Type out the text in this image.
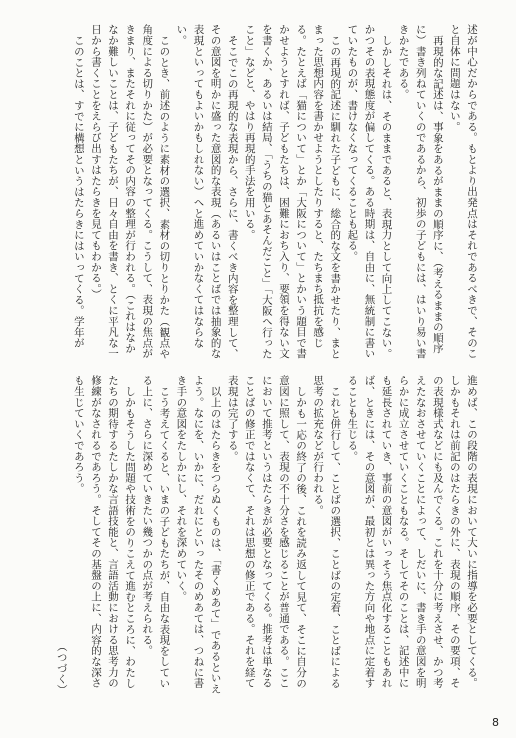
述が中心だからである。もとより出発点はそれであるべきで、そのこと自体に問題はない。

再現的な記述は、事象をあるがままの順序に、（考えるままの順序に）書き列ねていくのであるから、初歩の子どもには、はいり易い書きかたである。

しかしそれは、そのままであると、表現力として向上してこない。かつその表現態度が偏してくる。ある時期は、自由に、無統制に書いていたものが、書けなくなってくることも起る。

この再現的記述に馴れた子どもに、総合的な文を書かせたり、まとまった思想内容を書かせようとしたりすると、たちまち抵抗を感じる。たとえば「猫について」とか「大阪について」とかいう題目で書かせようとすれば、子どもたちは、困難におち入り、要領を得ない文を書くか、あるいは結局、「うちの猫とあそんだこと」「大阪へ行ったこと」などと、やはり再現的手法を用いる。

そこでこの再現的な表現から、さらに、書くべき内容を整理して、その意図を明かに盛った意図的な表現（あるいはことばでは抽象的な表現といってもよいかもしれない）へと進めていかなくてはならない。

このとき、前述のように素材の選択、素材の切りとりかた（観点や角度による切りかた）が必要となってくる。こうして、表現の焦点がきまり、またそれに従ってその内容の整理が行われる。（これはなかなか難しいことは、子どもたちが、日々自由を書き、とくに平凡な一日から書くことをえらび出すはたらきを見てもわかる。）

このことは、すでに構想というはたらきにはいってくる。学年が

進めば、この段階の表現において大いに指導を必要としてくる。しかもそれは前記のはたらきの外に、表現の順序、その要項、その表現様式などにも及んでくる。これを十分に考えさせ、かつ考えたなおさせていくことによって、しだいに、書き手の意図を明らかに成立させていくこともなる。そしてそのことは、記述中にも延長されていき、事前の意図がいっそう焦点化することもあれば、ときには、その意図が、最初とは異った方向や地点に定着することも生じる。

これと併行して、ことばの選択、ことばの定着、ことばによる思考の拡充などが行われる。

しかも一応の終了の後、これを読み返して見て、そこに自分の意図に照して、表現の不十分さを感じることが普通である。ここにおいて推考というはたらきが必要となってくる。推考は単なることばの修正ではなくて、それは思想の修正である。それを経て表現は完了する。

以上のはたらきをつらぬくものは、「書くめあて」であるといえよう。なにを、いかに、だれにといったそのめあては、つねに書き手の意図をたしかにし、それを深めていく。

こう考えてくると、いまの子どもたちが、自由な表現をしている上に、さらに深めていきたい幾つかの点が考えられる。

しかもそうした問題や技術をのりこえて進むところに、わたしたちの期待するたしかな言語技能と、言語活動における思考力の修練がなされるであろう。そしてその基盤の上に、内容的な深さも生じていくであろう。

（つづく）

8
